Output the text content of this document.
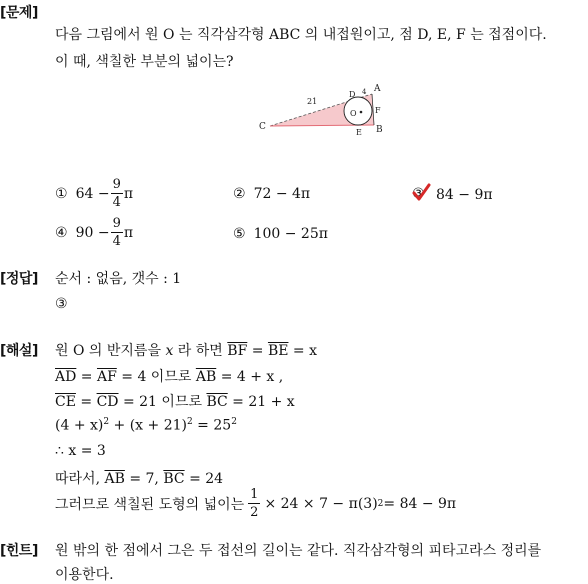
[문제]
다음 그림에서 원 O 는 직각삼각형 ABC 의 내접원이고, 점 D, E, F 는 접점이다.
이 때, 색칠한 부분의 넓이는?
C
A
B
D 4
F
E
O
21
① $64 - \frac{9}{4}$ π	② 72 − 4π	③ 84 − 9π
④ $90 - \frac{9}{4}$ π	⑤ 100 − 25π
[정답] 순서 : 없음, 갯수 : 1
③
[해설] 원 O 의 반지름을 x 라 하면 $\overline{BF} = \overline{BE} = x$
$\overline{AD} = \overline{AF} = 4$ 이므로 $\overline{AB} = 4 + x$ ,
$\overline{CE} = \overline{CD} = 21$ 이므로 $\overline{BC} = 21 + x$
$(4 + x)^2 + (x + 21)^2 = 25^2$
∴ x = 3
따라서, $\overline{AB} = 7$, $\overline{BC} = 24$
그러므로 색칠된 도형의 넓이는 $\frac{1}{2} \times 24 \times 7 - \pi(3) 2 = 84 - 9\pi$
[힌트] 원 밖의 한 점에서 그은 두 접선의 길이는 같다. 직각삼각형의 피타고라스 정리를
이용한다.
